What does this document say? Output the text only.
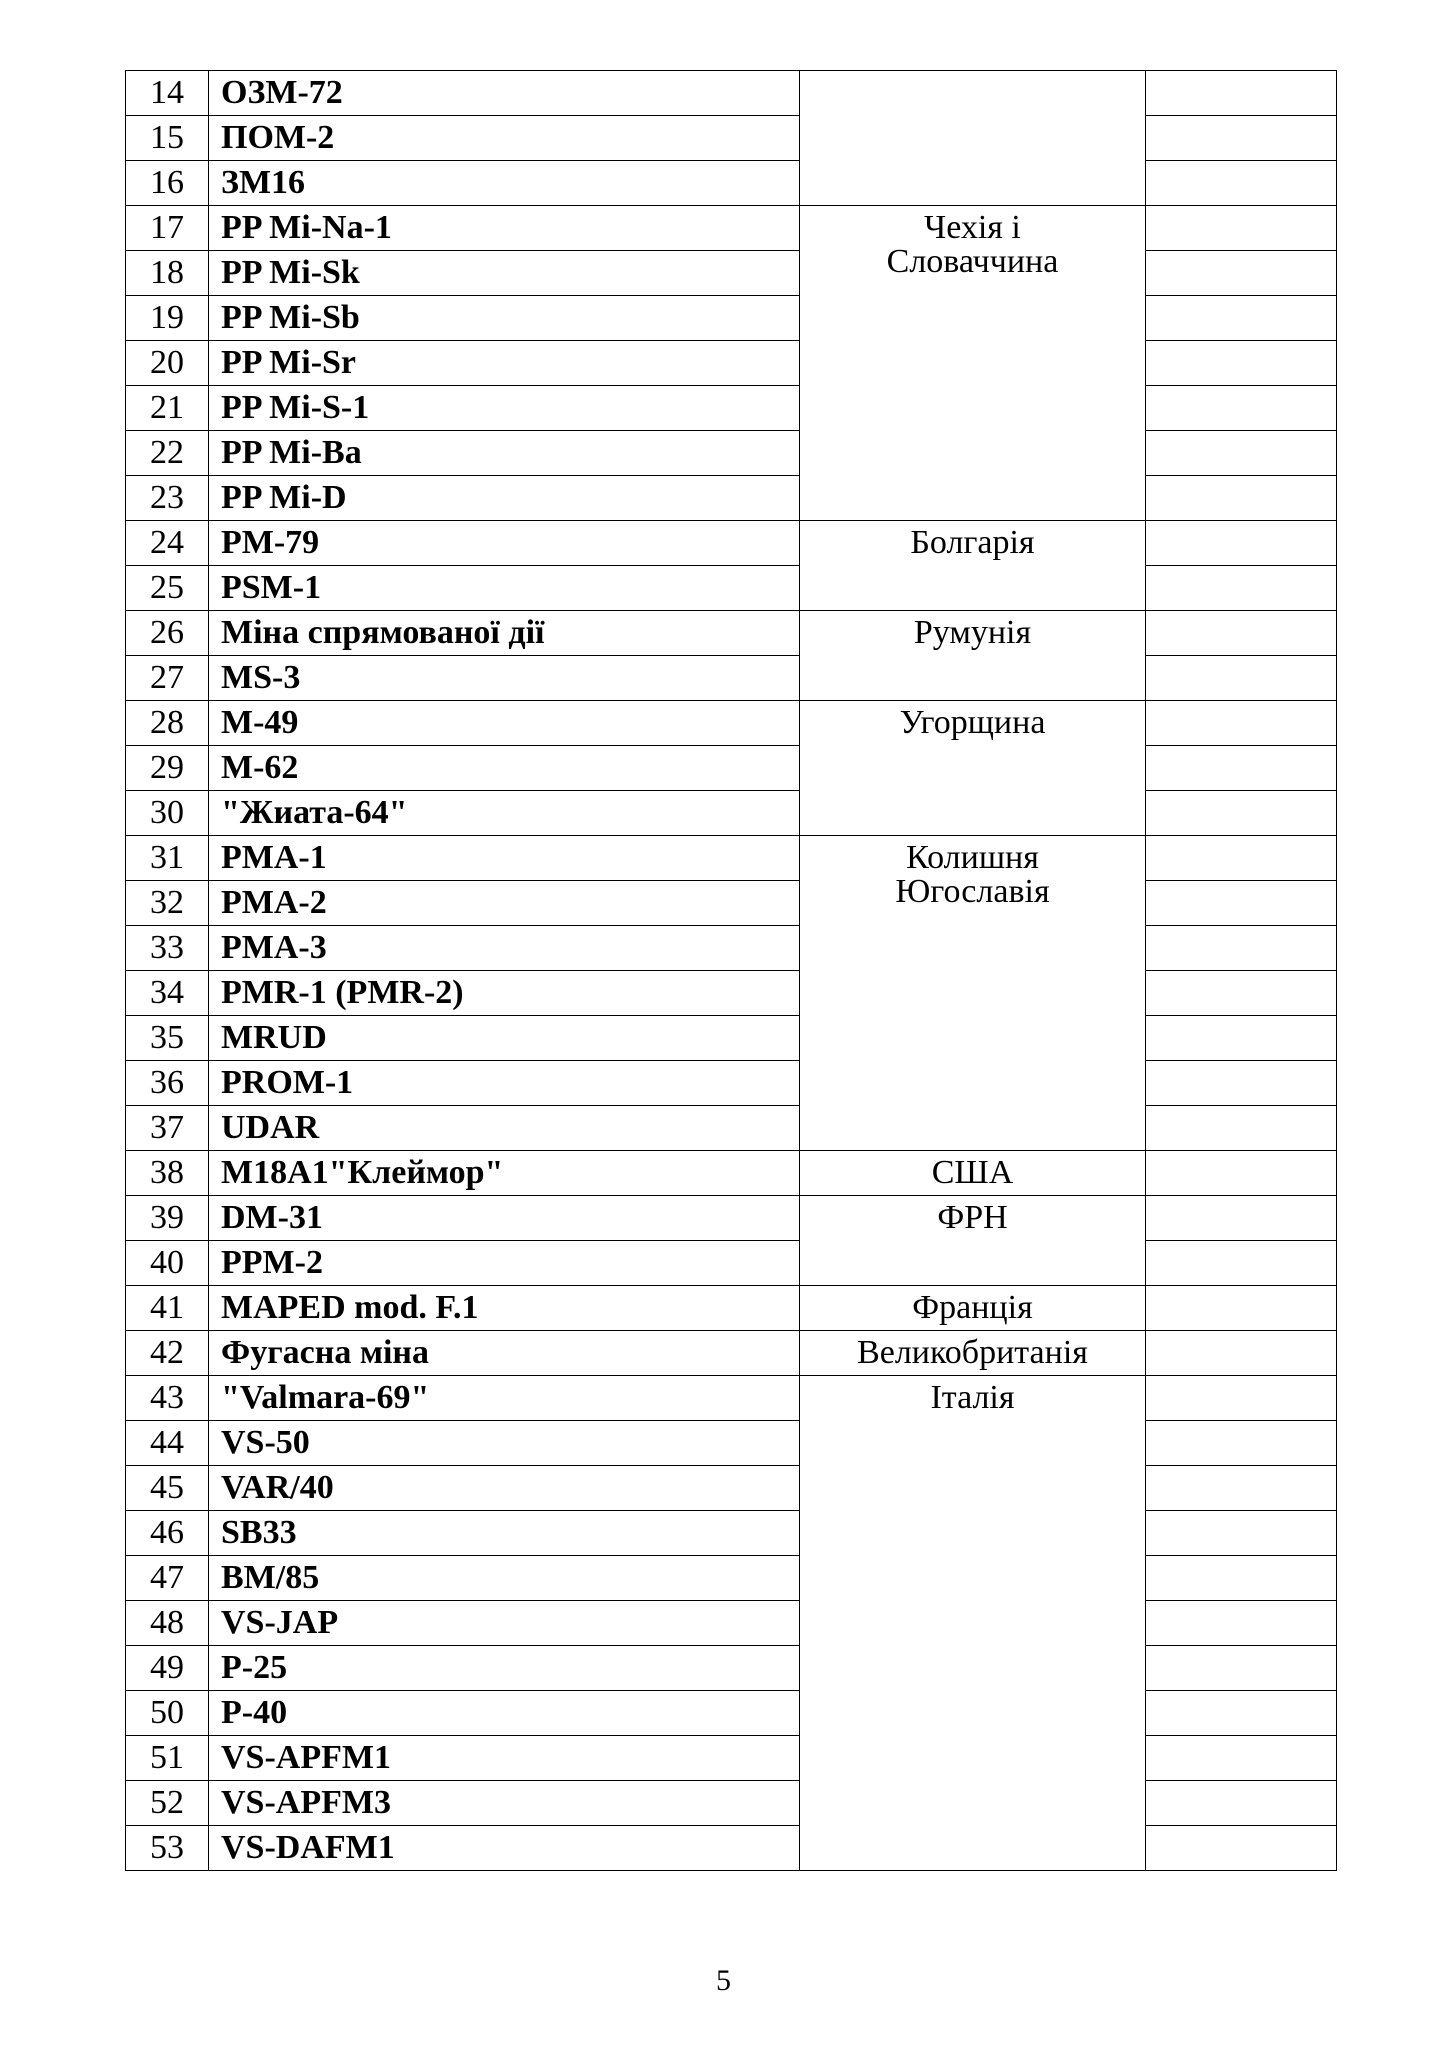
14	ОЗМ-72		
15	ПОМ-2		
16	ЗМ16		
17	PP Mi-Na-1	Чехія і
Словаччина	

18	PP Mi-Sk		
19	PP Mi-Sb		
20	PP Mi-Sr		
21	PP Mi-S-1		
22	PP Mi-Ba		
23	PP Mi-D		
24	PM-79	Болгарія	

25	PSM-1		
26	Міна спрямованої дії	Румунія	

27	MS-3		
28	M-49	Угорщина	

29	M-62		
30	"Жиата-64"		
31	PMA-1	Колишня
Югославія	

32	PMA-2		
33	PMA-3		
34	PMR-1 (PMR-2)		
35	MRUD		
36	PROM-1		
37	UDAR		
38	M18A1"Клеймор"	США	

39	DM-31	ФРН	

40	PPM-2		
41	MAPED mod. F.1	Франція	

42	Фугасна міна	Великобританія	

43	"Valmara-69"	Італія	

44	VS-50		
45	VAR/40		
46	SB33		
47	BM/85		
48	VS-JAP		
49	P-25		
50	P-40		
51	VS-APFM1		
52	VS-APFM3		
53	VS-DAFM1		
5
